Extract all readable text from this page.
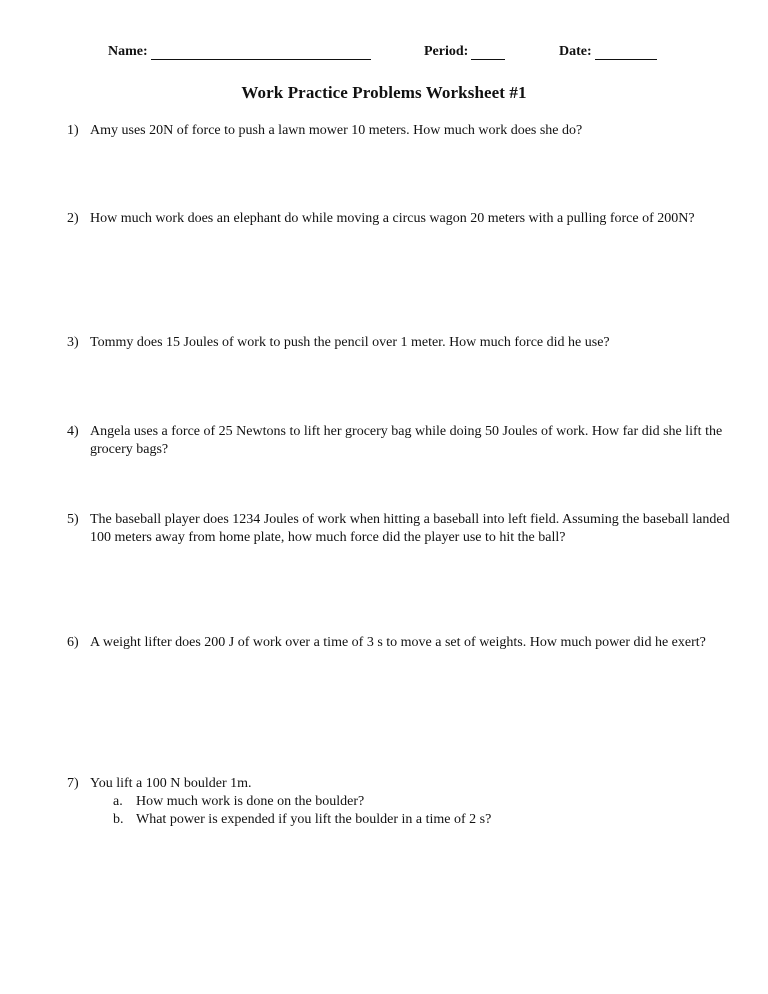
Name:	Period:	Date:
Work Practice Problems Worksheet #1
1) Amy uses 20N of force to push a lawn mower 10 meters. How much work does she do?
2) How much work does an elephant do while moving a circus wagon 20 meters with a pulling force of 200N?
3) Tommy does 15 Joules of work to push the pencil over 1 meter. How much force did he use?
4) Angela uses a force of 25 Newtons to lift her grocery bag while doing 50 Joules of work. How far did she lift the grocery bags?
5) The baseball player does 1234 Joules of work when hitting a baseball into left field. Assuming the baseball landed 100 meters away from home plate, how much force did the player use to hit the ball?
6) A weight lifter does 200 J of work over a time of 3 s to move a set of weights. How much power did he exert?
7) You lift a 100 N boulder 1m.
a. How much work is done on the boulder?
b. What power is expended if you lift the boulder in a time of 2 s?
